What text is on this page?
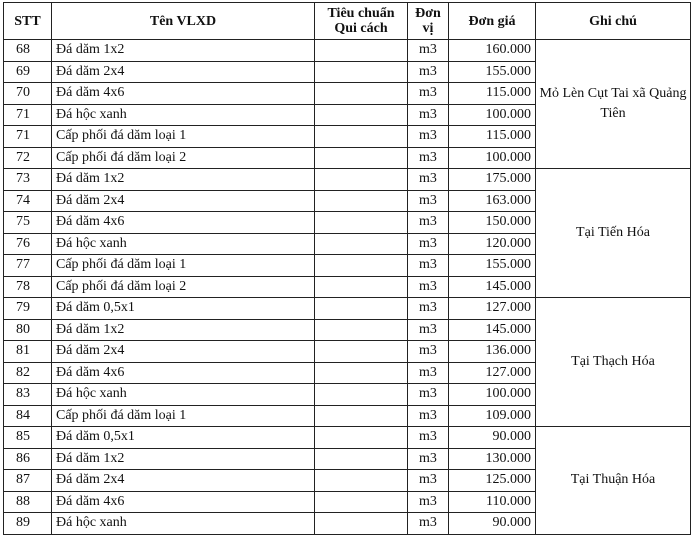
STT	Tên VLXD	Tiêu chuẩn Qui cách	Đơn vị	Đơn giá	Ghi chú
68	Đá dăm 1x2		m3	160.000	Mỏ Lèn Cụt Tai xã Quảng Tiên
69	Đá dăm 2x4		m3	155.000	
70	Đá dăm 4x6		m3	115.000	
71	Đá hộc xanh		m3	100.000	
71	Cấp phối đá dăm loại 1		m3	115.000	
72	Cấp phối đá dăm loại 2		m3	100.000	
73	Đá dăm 1x2		m3	175.000	Tại Tiến Hóa
74	Đá dăm 2x4		m3	163.000	
75	Đá dăm 4x6		m3	150.000	
76	Đá hộc xanh		m3	120.000	
77	Cấp phối đá dăm loại 1		m3	155.000	
78	Cấp phối đá dăm loại 2		m3	145.000	
79	Đá dăm 0,5x1		m3	127.000	Tại Thạch Hóa
80	Đá dăm 1x2		m3	145.000	
81	Đá dăm 2x4		m3	136.000	
82	Đá dăm 4x6		m3	127.000	
83	Đá hộc xanh		m3	100.000	
84	Cấp phối đá dăm loại 1		m3	109.000	
85	Đá dăm 0,5x1		m3	90.000	Tại Thuận Hóa
86	Đá dăm 1x2		m3	130.000	
87	Đá dăm 2x4		m3	125.000	
88	Đá dăm 4x6		m3	110.000	
89	Đá hộc xanh		m3	90.000	
